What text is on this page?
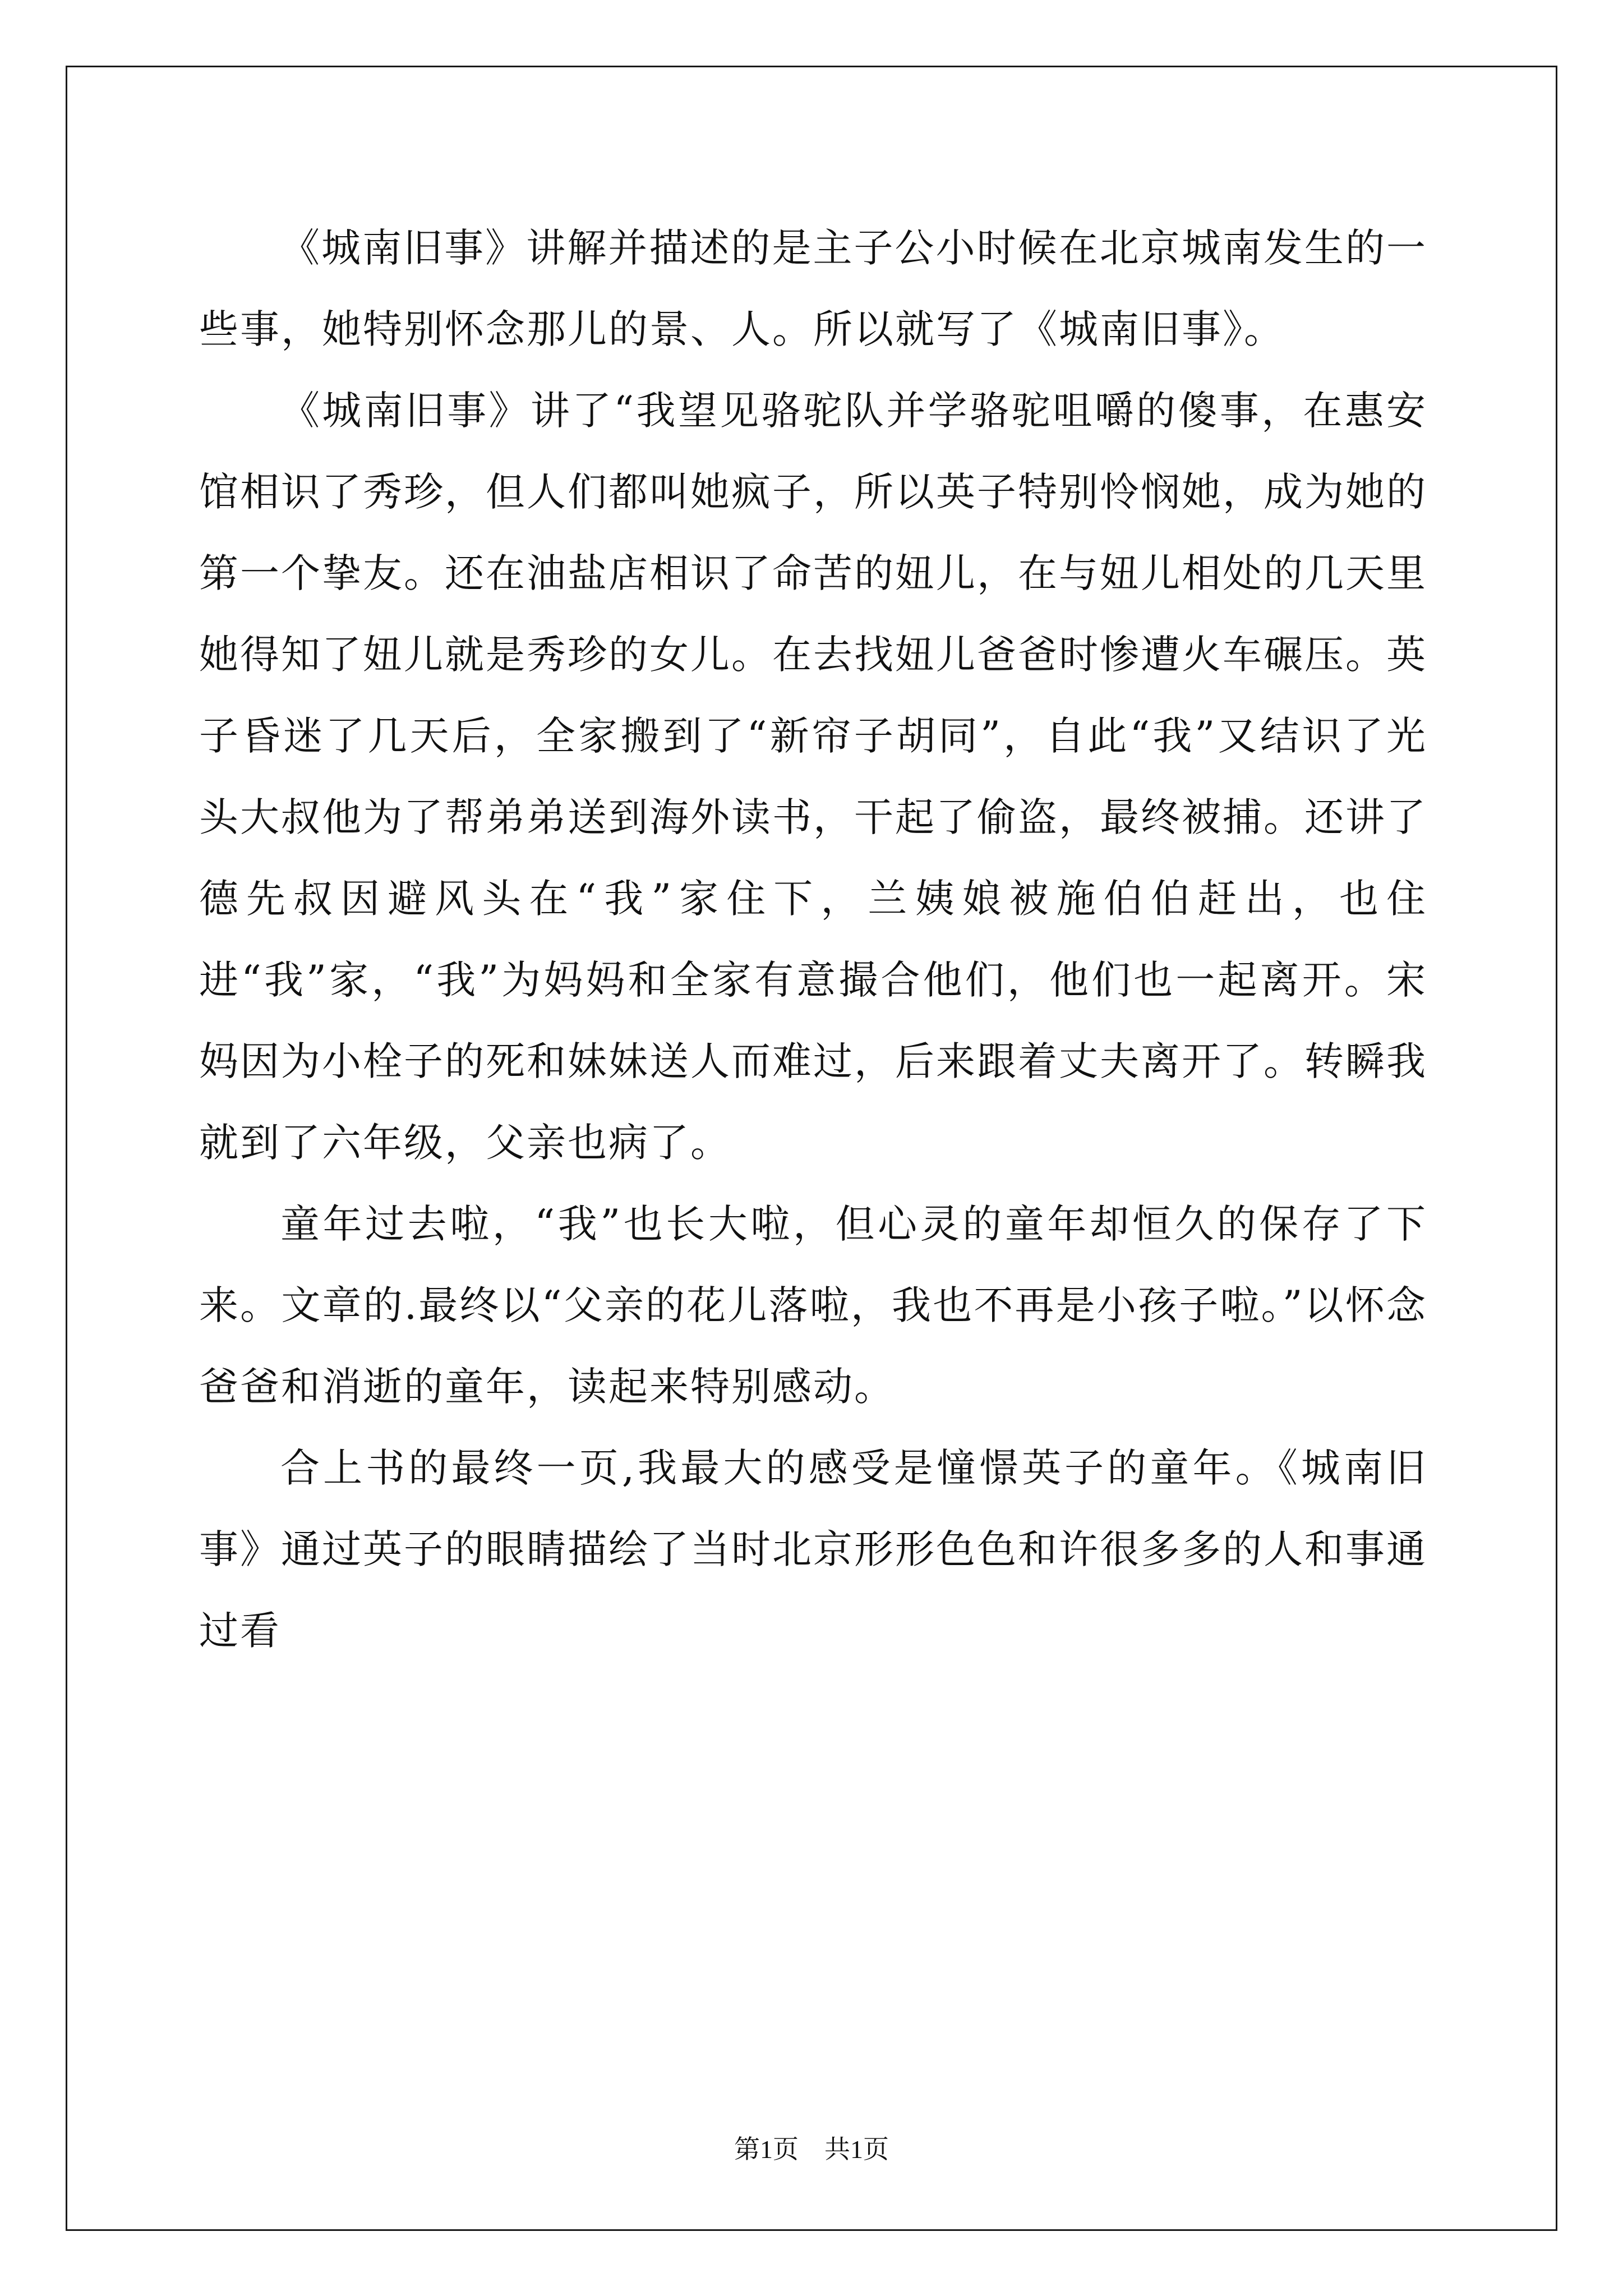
《城南旧事》讲解并描述的是主子公小时候在北京城南发生的一些事，她特别怀念那儿的景、人。所以就写了《城南旧事》。

《城南旧事》讲了“我望见骆驼队并学骆驼咀嚼的傻事，在惠安馆相识了秀珍，但人们都叫她疯子，所以英子特别怜悯她，成为她的第一个挚友。还在油盐店相识了命苦的妞儿，在与妞儿相处的几天里她得知了妞儿就是秀珍的女儿。在去找妞儿爸爸时惨遭火车碾压。英子昏迷了几天后，全家搬到了“新帘子胡同”，自此“我”又结识了光头大叔他为了帮弟弟送到海外读书，干起了偷盗，最终被捕。还讲了德先叔因避风头在“我”家住下，兰姨娘被施伯伯赶出，也住进“我”家，“我”为妈妈和全家有意撮合他们，他们也一起离开。宋妈因为小栓子的死和妹妹送人而难过，后来跟着丈夫离开了。转瞬我就到了六年级，父亲也病了。

童年过去啦，“我”也长大啦，但心灵的童年却恒久的保存了下来。文章的.最终以“父亲的花儿落啦，我也不再是小孩子啦。”以怀念爸爸和消逝的童年，读起来特别感动。

合上书的最终一页,我最大的感受是憧憬英子的童年。《城南旧事》通过英子的眼睛描绘了当时北京形形色色和许很多多的人和事通过看

第1页　共1页
